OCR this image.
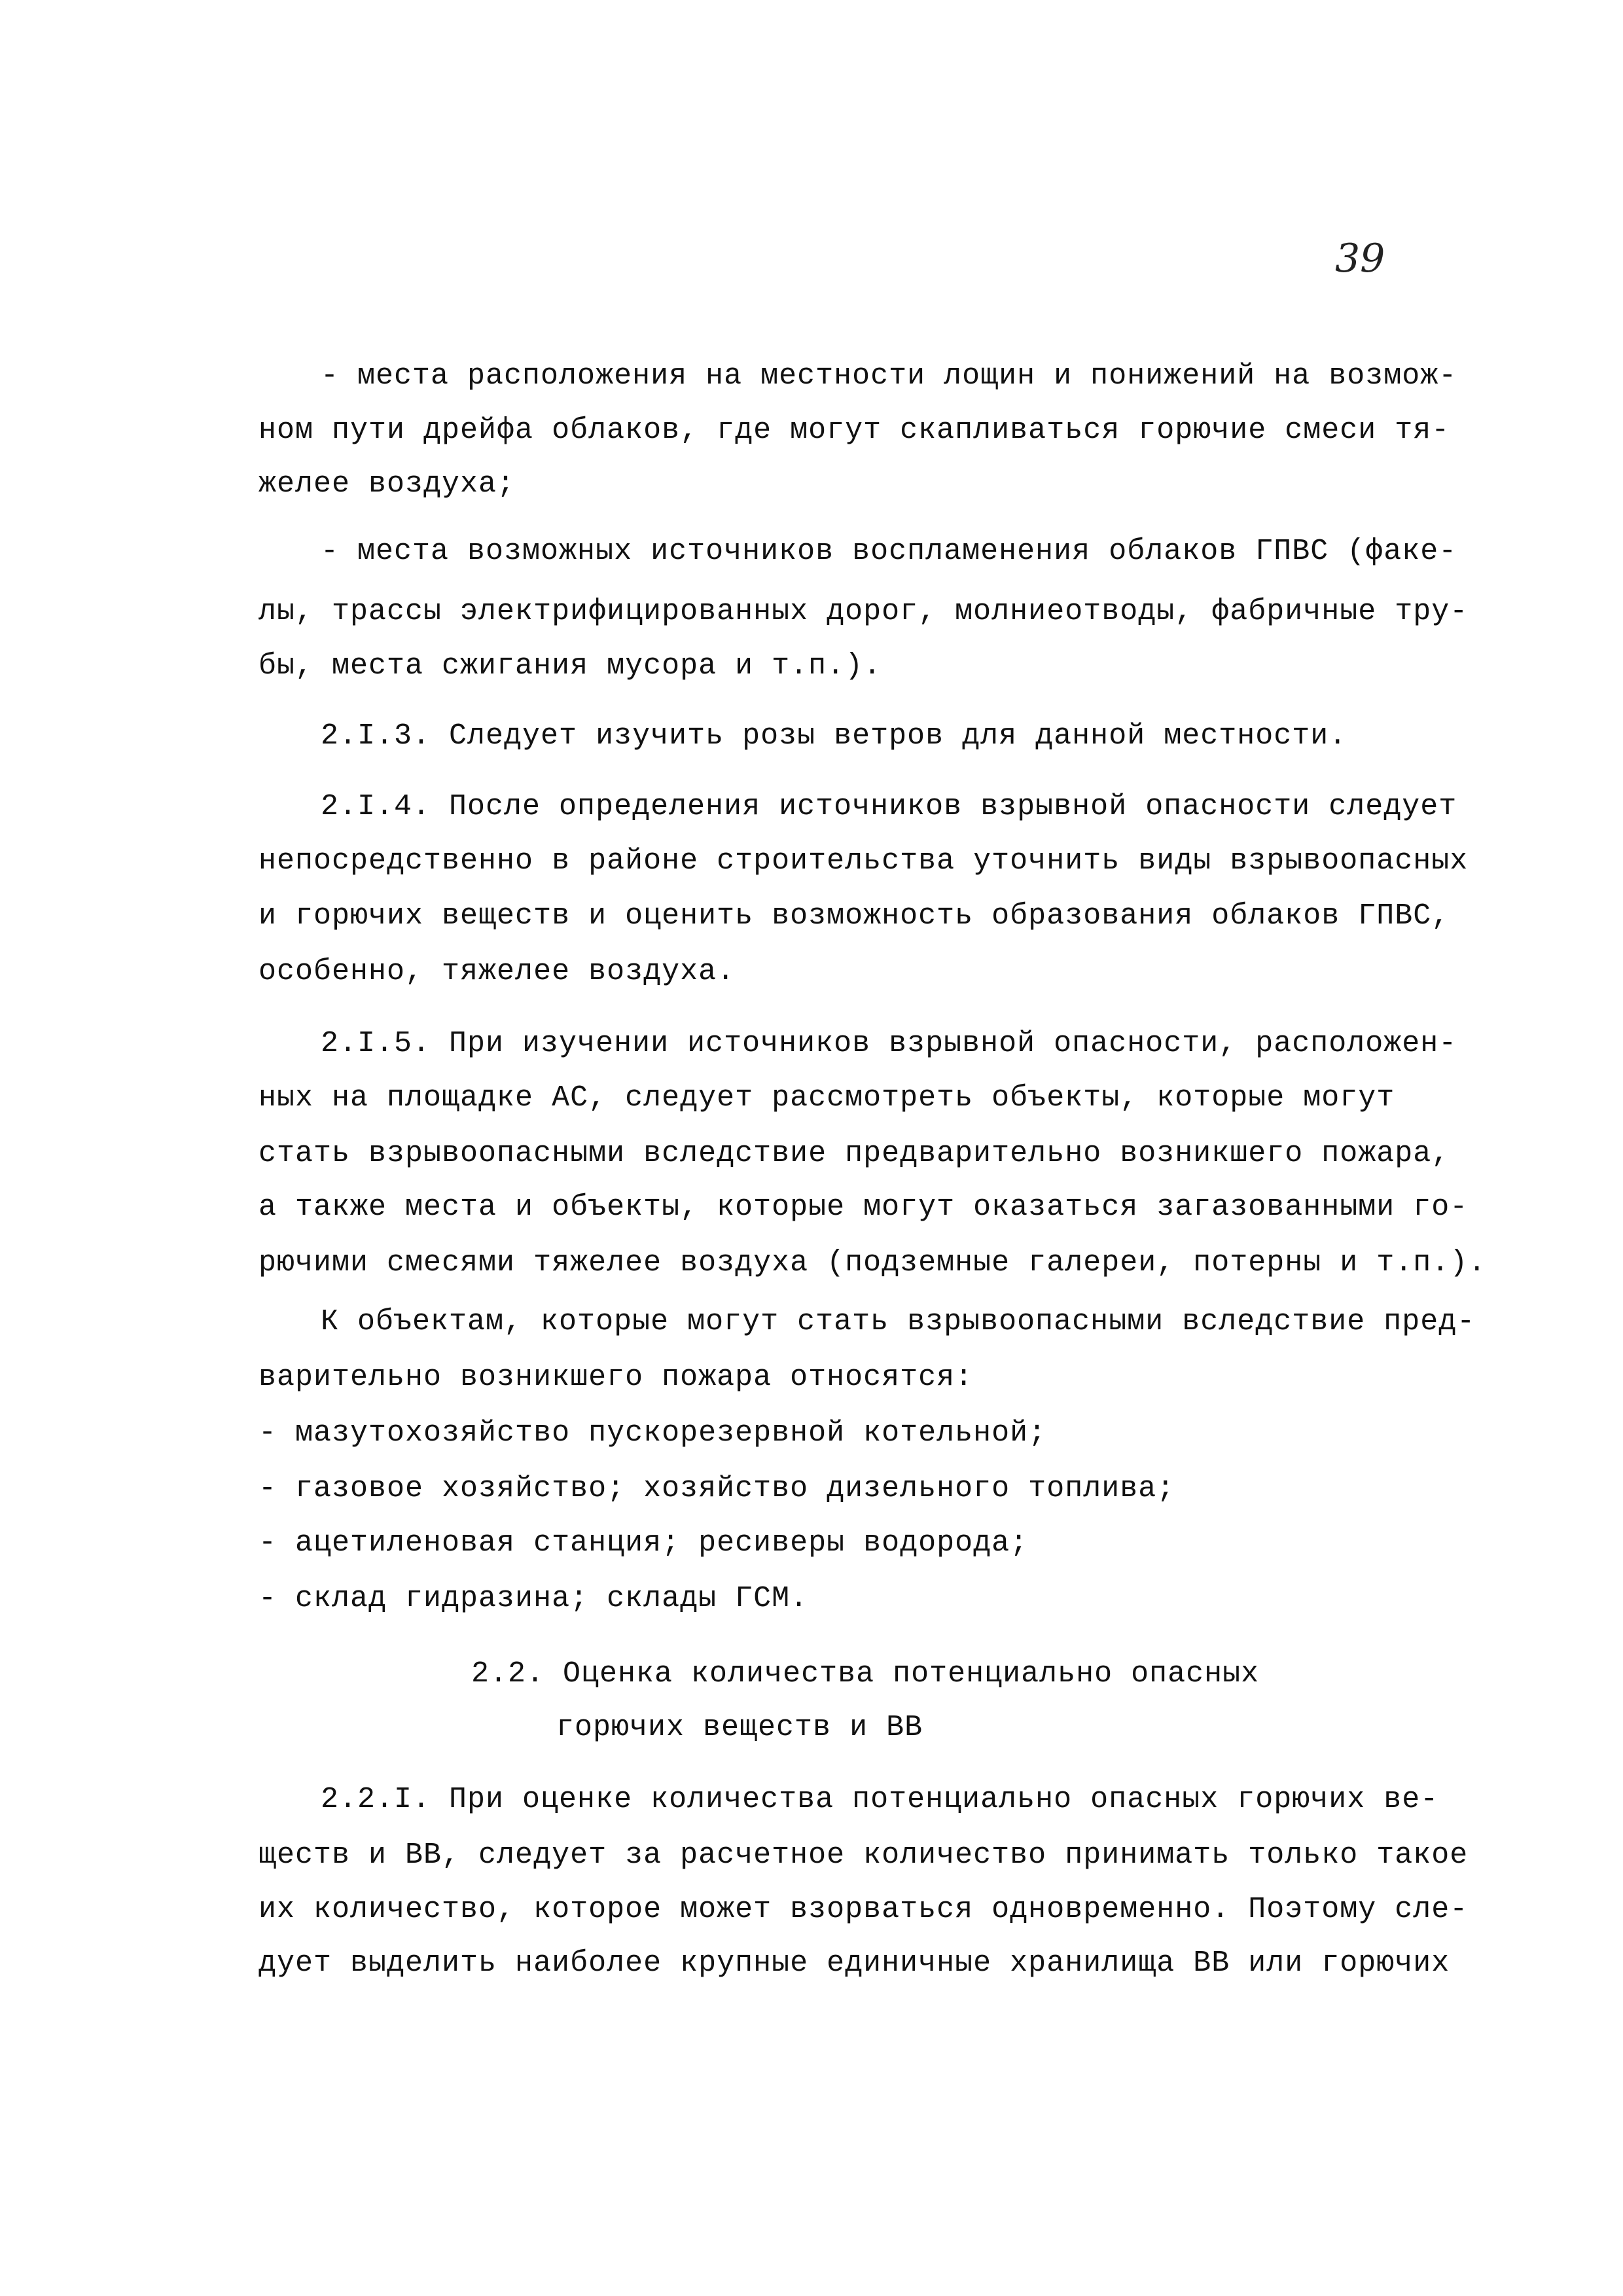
39
- места расположения на местности лощин и понижений на возмож-
ном пути дрейфа облаков, где могут скапливаться горючие смеси тя-
желее воздуха;
- места возможных источников воспламенения облаков ГПВС (факе-
лы, трассы электрифицированных дорог, молниеотводы, фабричные тру-
бы, места сжигания мусора и т.п.).
2.I.3. Следует изучить розы ветров для данной местности.
2.I.4. После определения источников взрывной опасности следует
непосредственно в районе строительства уточнить виды взрывоопасных
и горючих веществ и оценить возможность образования облаков ГПВС,
особенно, тяжелее воздуха.
2.I.5. При изучении источников взрывной опасности, расположен-
ных на площадке АС, следует рассмотреть объекты, которые могут
стать взрывоопасными вследствие предварительно возникшего пожара,
а также места и объекты, которые могут оказаться загазованными го-
рючими смесями тяжелее воздуха (подземные галереи, потерны и т.п.).
К объектам, которые могут стать взрывоопасными вследствие пред-
варительно возникшего пожара относятся:
- мазутохозяйство пускорезервной котельной;
- газовое хозяйство; хозяйство дизельного топлива;
- ацетиленовая станция; ресиверы водорода;
- склад гидразина; склады ГСМ.
2.2. Оценка количества потенциально опасных
горючих веществ и ВВ
2.2.I. При оценке количества потенциально опасных горючих ве-
ществ и ВВ, следует за расчетное количество принимать только такое
их количество, которое может взорваться одновременно. Поэтому сле-
дует выделить наиболее крупные единичные хранилища ВВ или горючих
